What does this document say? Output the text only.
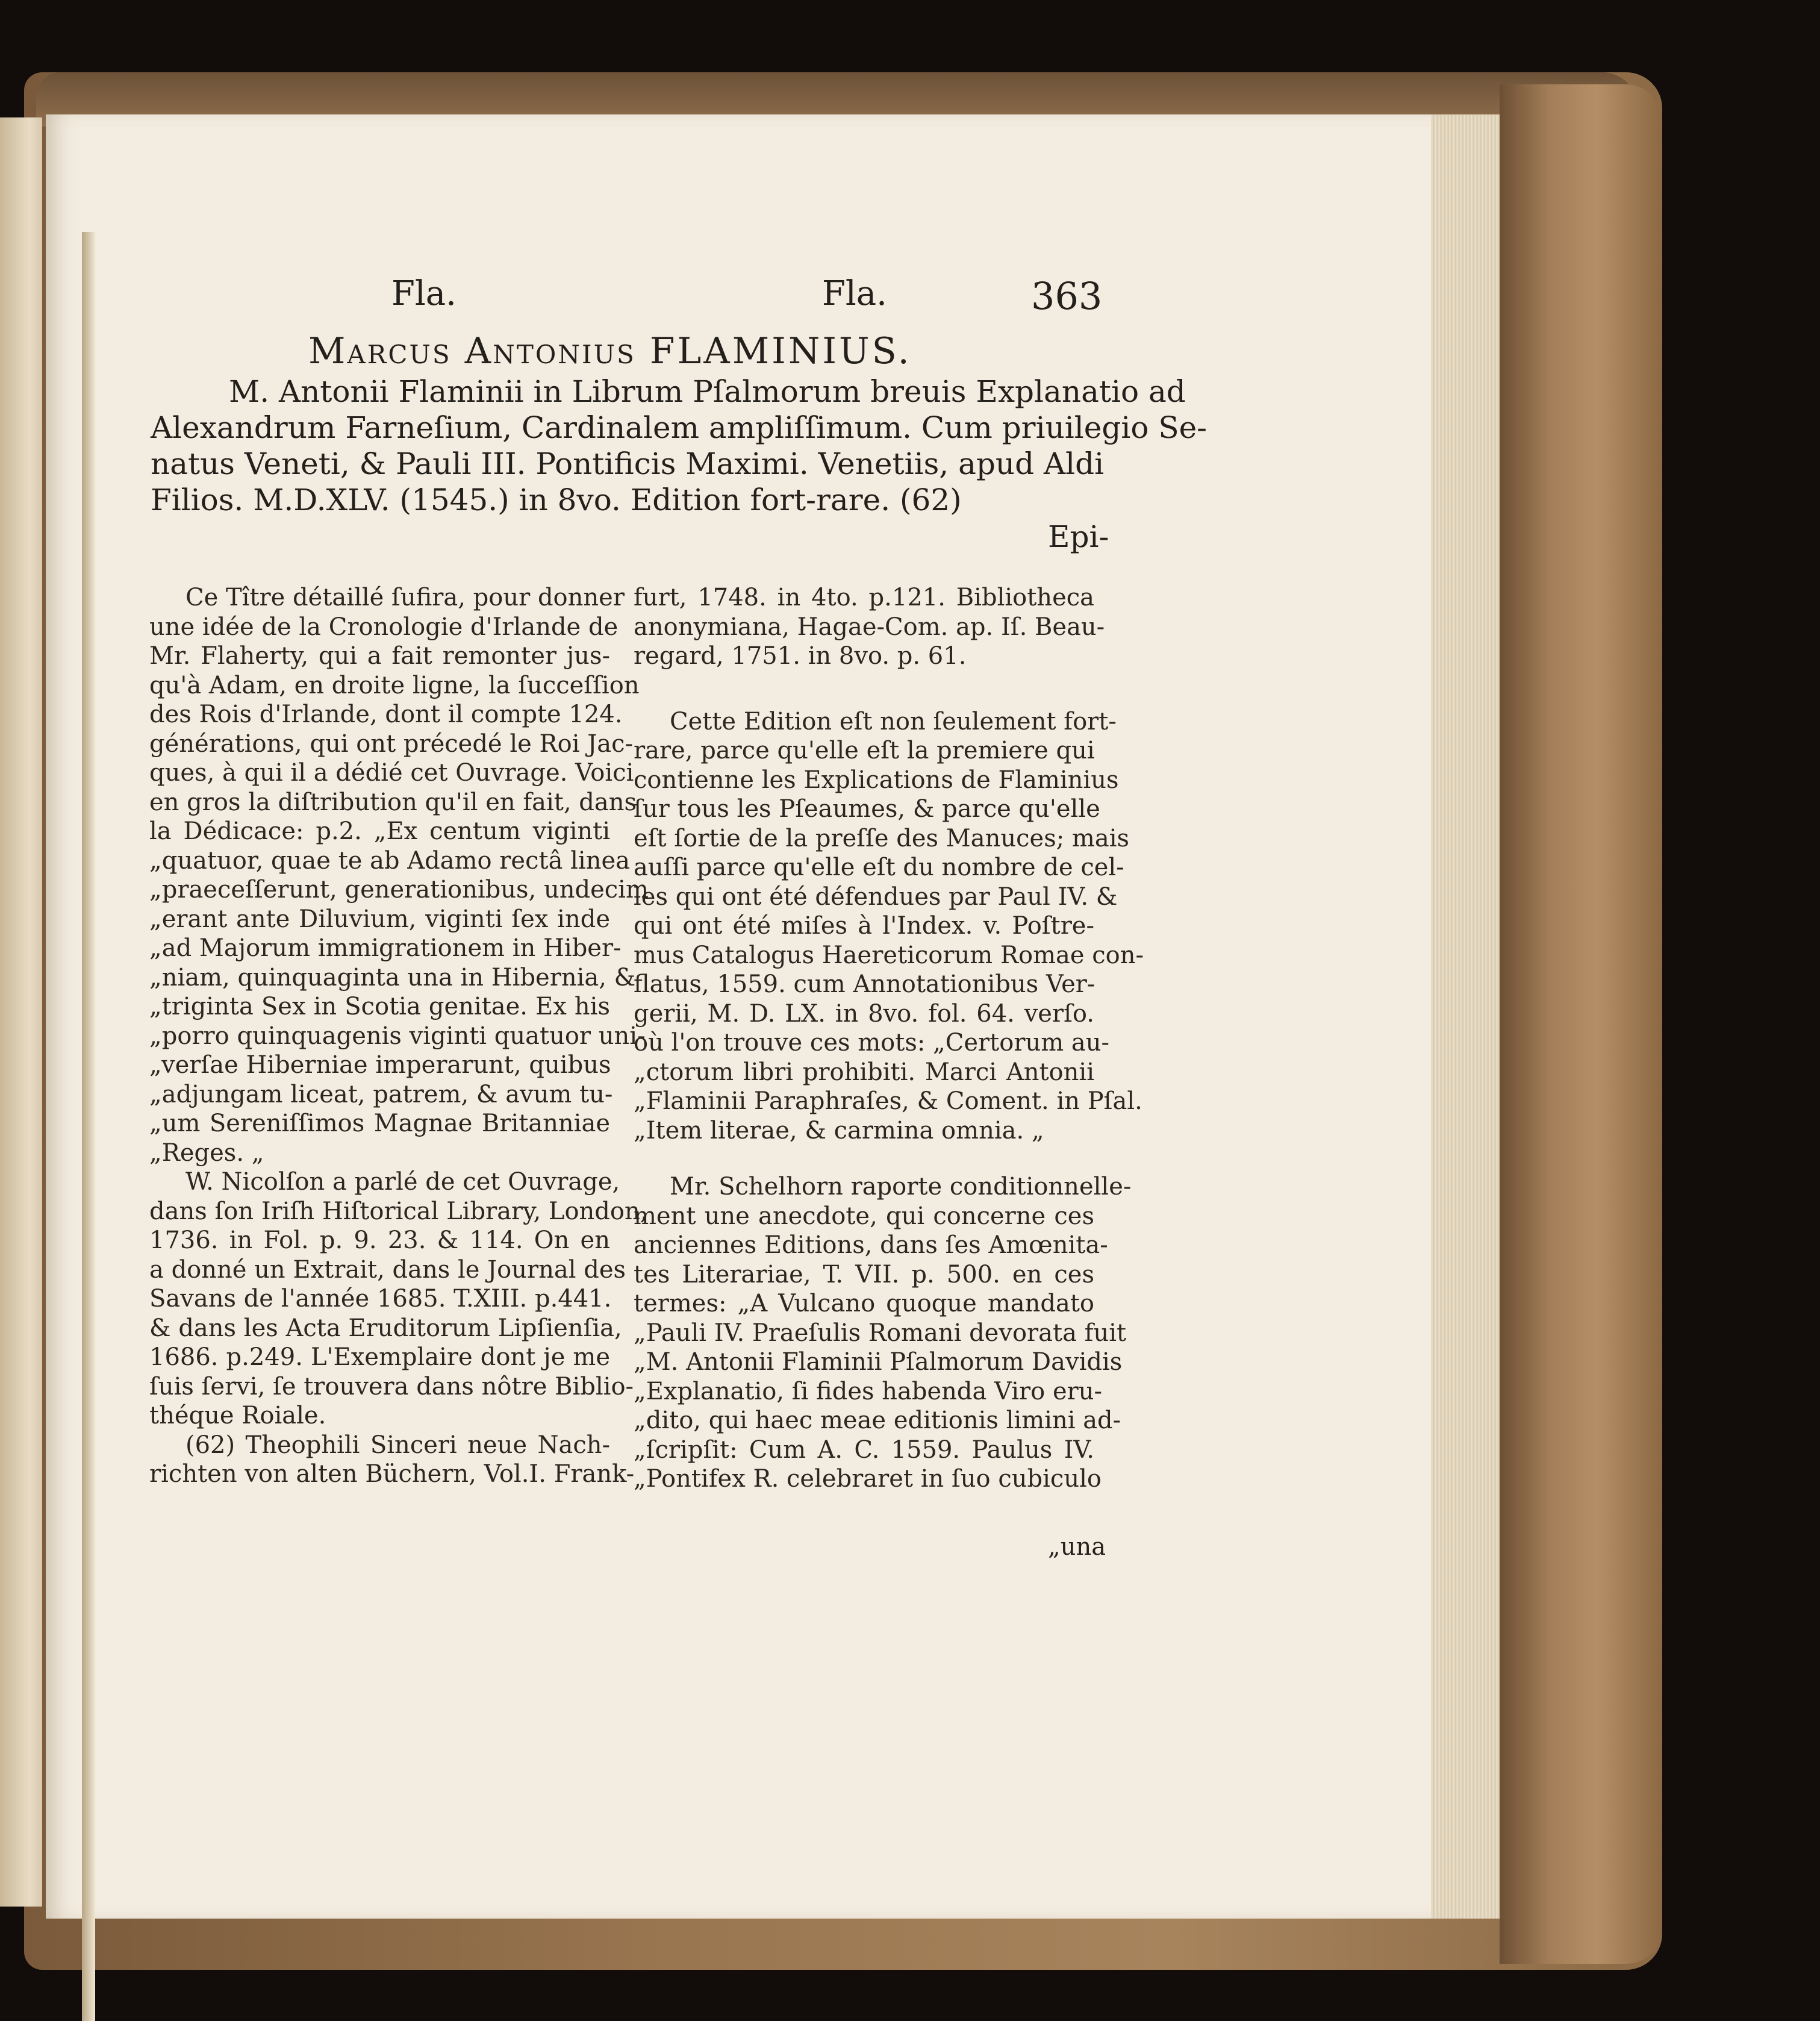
Fla.	Fla.	363
Marcus Antonius FLAMINIUS.
M. Antonii Flaminii in Librum Pſalmorum breuis Explanatio ad
Alexandrum Farneſium, Cardinalem ampliſſimum. Cum priuilegio Se-
natus Veneti, & Pauli III. Pontificis Maximi. Venetiis, apud Aldi
Filios. M.D.XLV. (1545.) in 8vo. Edition fort-rare. (62)
Epi-
Ce Tître détaillé ſufira, pour donner
une idée de la Cronologie d'Irlande de
Mr. Flaherty, qui a fait remonter jus-
qu'à Adam, en droite ligne, la ſucceſſion
des Rois d'Irlande, dont il compte 124.
générations, qui ont précedé le Roi Jac-
ques, à qui il a dédié cet Ouvrage. Voici
en gros la diſtribution qu'il en fait, dans
la Dédicace: p.2. „Ex centum viginti
„quatuor, quae te ab Adamo rectâ linea
„praeceſſerunt, generationibus, undecim
„erant ante Diluvium, viginti ſex inde
„ad Majorum immigrationem in Hiber-
„niam, quinquaginta una in Hibernia, &
„triginta Sex in Scotia genitae. Ex his
„porro quinquagenis viginti quatuor uni-
„verſae Hiberniae imperarunt, quibus
„adjungam liceat, patrem, & avum tu-
„um Sereniſſimos Magnae Britanniae
„Reges. „
W. Nicolſon a parlé de cet Ouvrage,
dans ſon Iriſh Hiſtorical Library, London,
1736. in Fol. p. 9. 23. & 114. On en
a donné un Extrait, dans le Journal des
Savans de l'année 1685. T.XIII. p.441.
& dans les Acta Eruditorum Lipſienſia,
1686. p.249. L'Exemplaire dont je me
ſuis ſervi, ſe trouvera dans nôtre Biblio-
théque Roiale.
(62) Theophili Sinceri neue Nach-
richten von alten Büchern, Vol.I. Frank-
furt, 1748. in 4to. p.121. Bibliotheca
anonymiana, Hagae-Com. ap. Iſ. Beau-
regard, 1751. in 8vo. p. 61.
Cette Edition eſt non ſeulement fort-
rare, parce qu'elle eſt la premiere qui
contienne les Explications de Flaminius
ſur tous les Pſeaumes, & parce qu'elle
eſt ſortie de la preſſe des Manuces; mais
auſſi parce qu'elle eſt du nombre de cel-
les qui ont été défendues par Paul IV. &
qui ont été miſes à l'Index. v. Poſtre-
mus Catalogus Haereticorum Romae con-
flatus, 1559. cum Annotationibus Ver-
gerii, M. D. LX. in 8vo. fol. 64. verſo.
où l'on trouve ces mots: „Certorum au-
„ctorum libri prohibiti. Marci Antonii
„Flaminii Paraphraſes, & Coment. in Pſal.
„Item literae, & carmina omnia. „
Mr. Schelhorn raporte conditionnelle-
ment une anecdote, qui concerne ces
anciennes Editions, dans ſes Amœnita-
tes Literariae, T. VII. p. 500. en ces
termes: „A Vulcano quoque mandato
„Pauli IV. Praeſulis Romani devorata fuit
„M. Antonii Flaminii Pſalmorum Davidis
„Explanatio, ſi fides habenda Viro eru-
„dito, qui haec meae editionis limini ad-
„ſcripſit: Cum A. C. 1559. Paulus IV.
„Pontifex R. celebraret in ſuo cubiculo
„una
